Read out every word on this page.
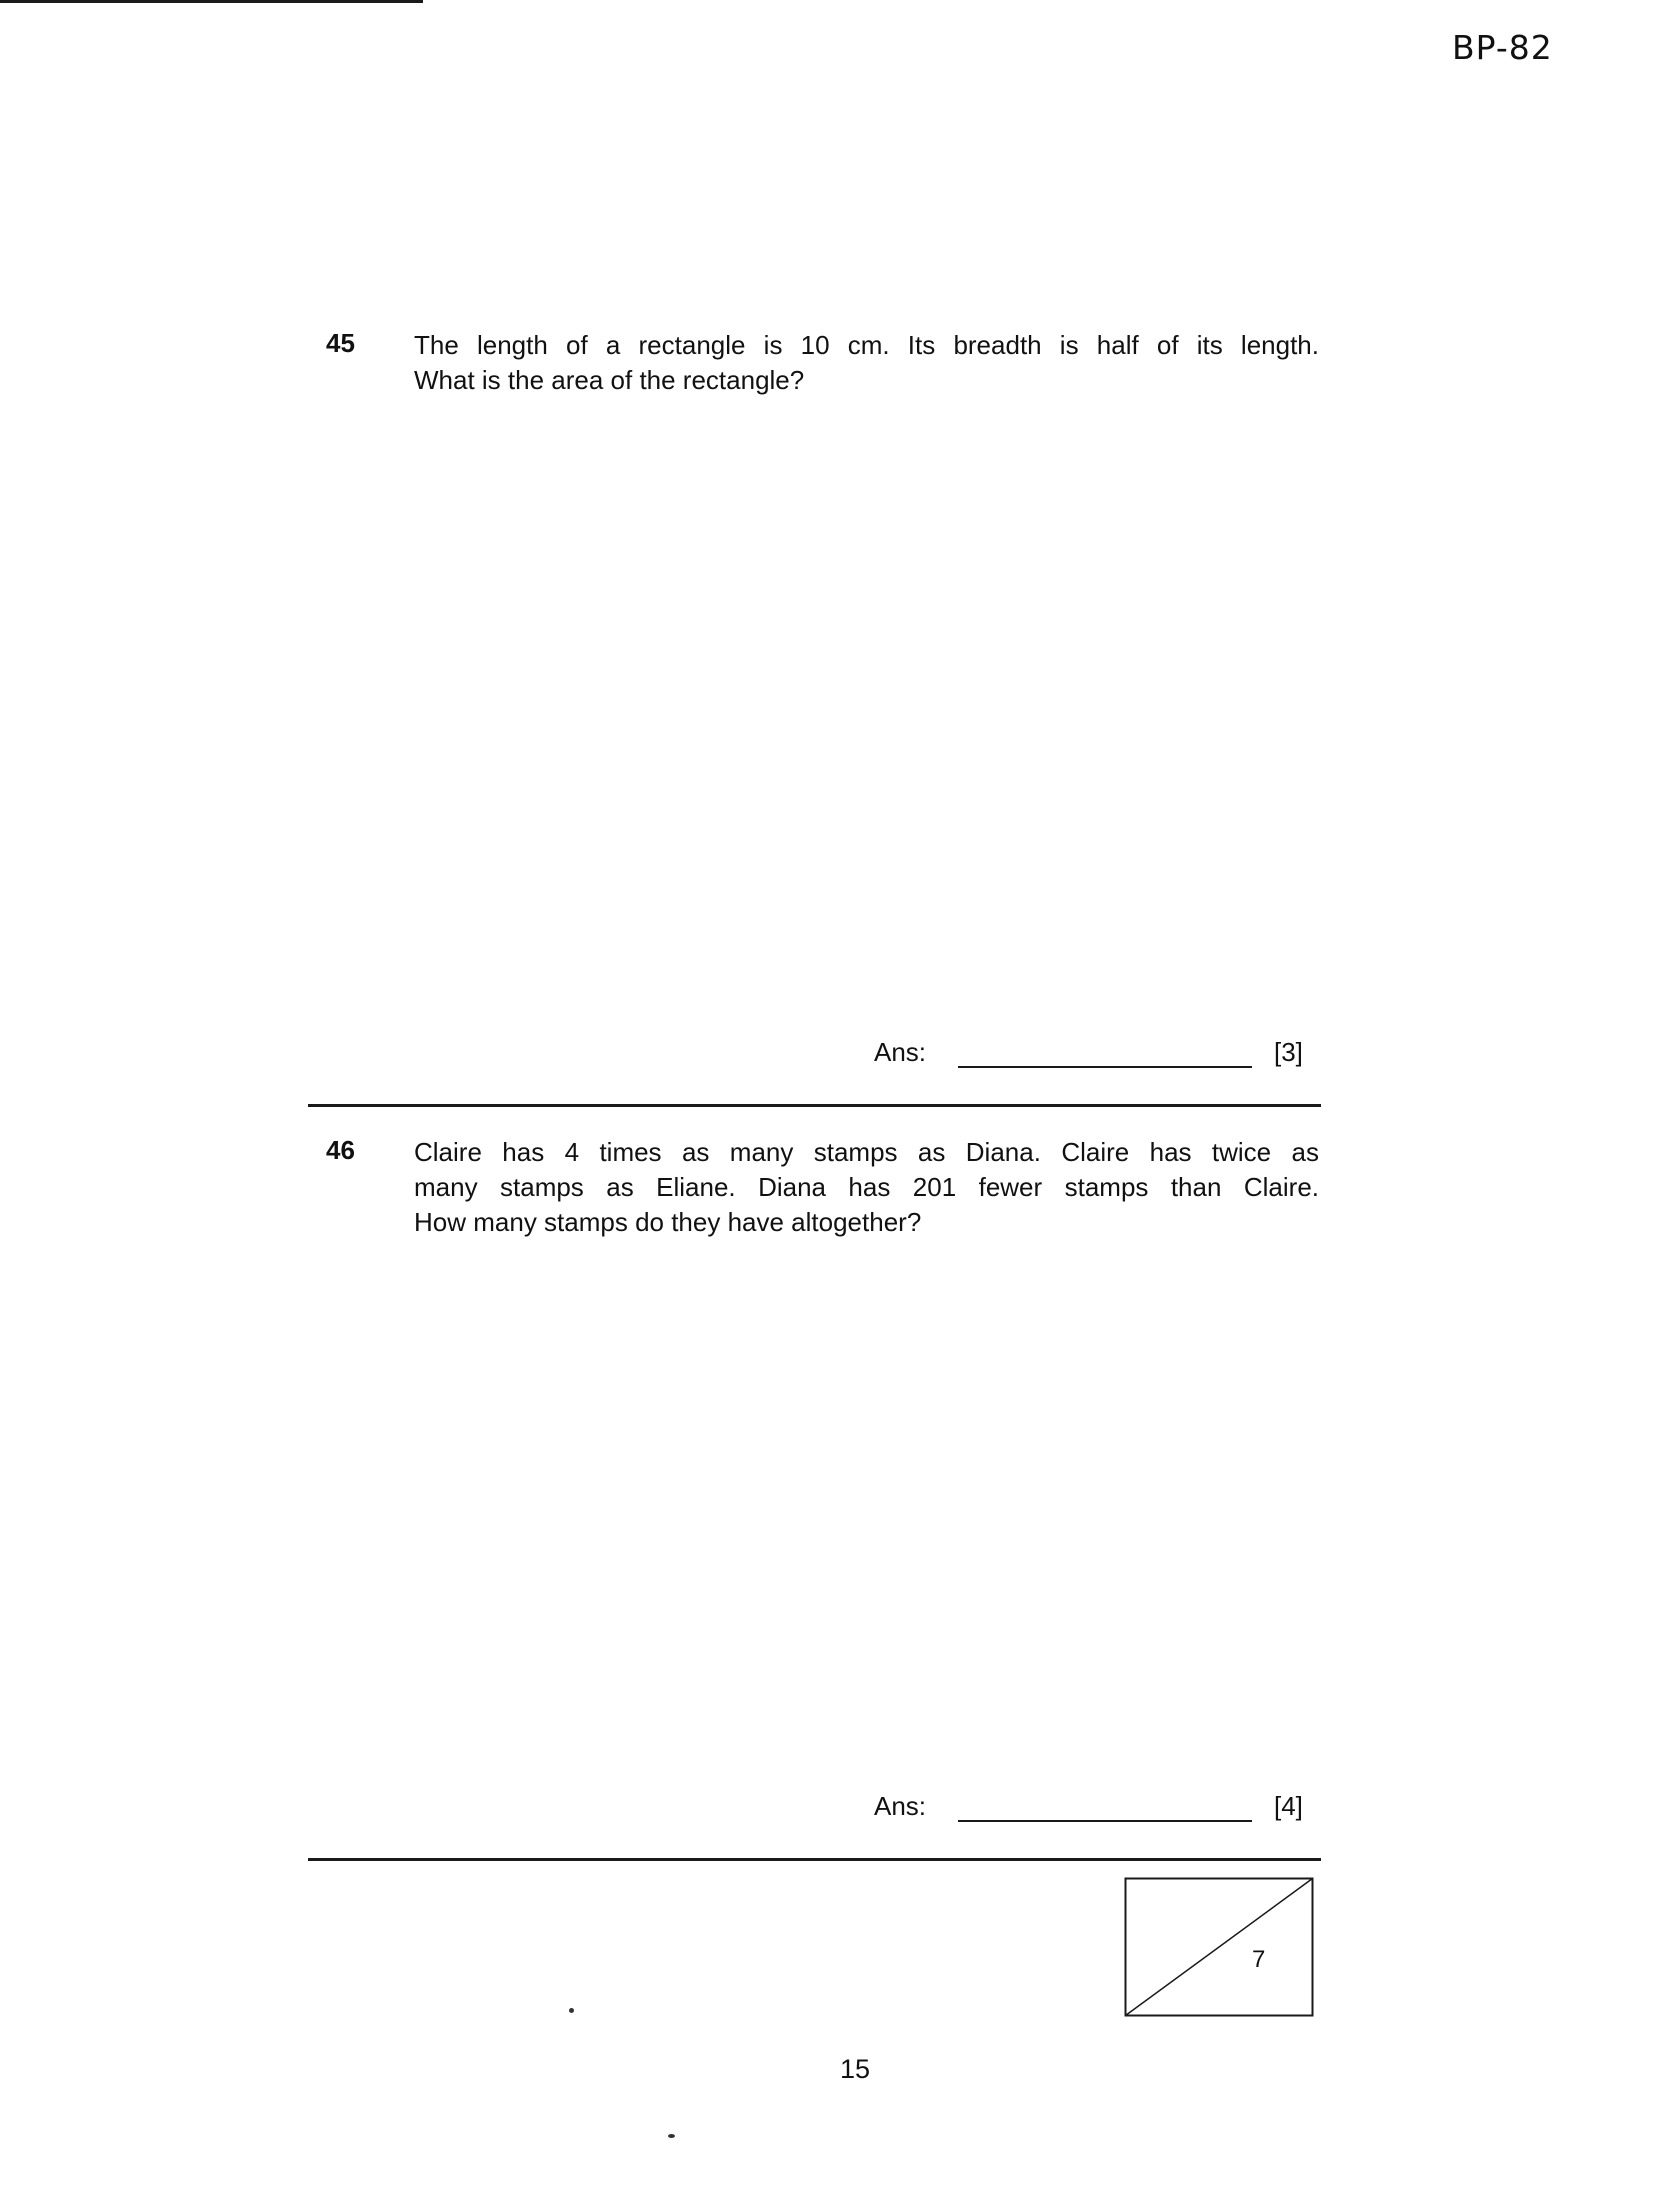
BP-82
45 The length of a rectangle is 10 cm. Its breadth is half of its length.
What is the area of the rectangle?
Ans:	[3]
46 Claire has 4 times as many stamps as Diana. Claire has twice as
many stamps as Eliane. Diana has 201 fewer stamps than Claire.
How many stamps do they have altogether?
Ans:	[4]
7
15
